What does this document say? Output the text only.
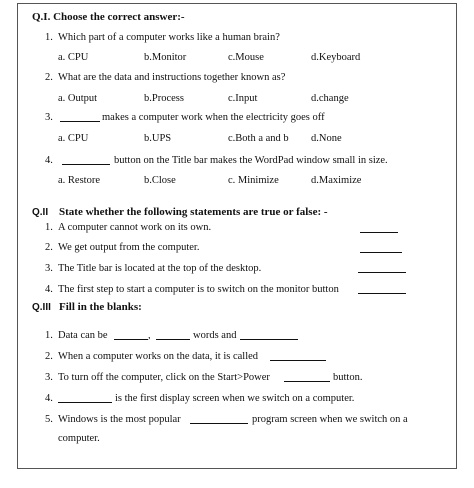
Q.I. Choose the correct answer:-
1. Which part of a computer works like a human brain?
a. CPU	b.Monitor	c.Mouse	d.Keyboard
2. What are the data and instructions together known as?
a. Output	b.Process	c.Input	d.change
3.	makes a computer work when the electricity goes off
a. CPU	b.UPS	c.Both a and b d.None
4.	button on the Title bar makes the WordPad window small in size.
a. Restore	b.Close	c. Minimize	d.Maximize
Q.II State whether the following statements are true or false: -
1. A computer cannot work on its own.
2. We get output from the computer.
3. The Title bar is located at the top of the desktop.
4. The first step to start a computer is to switch on the monitor button
Q.III Fill in the blanks:
1. Data can be	,	words and
2. When a computer works on the data, it is called
3. To turn off the computer, click on the Start>Power	button.
4.	is the first display screen when we switch on a computer.
5. Windows is the most popular	program screen when we switch on a
computer.
